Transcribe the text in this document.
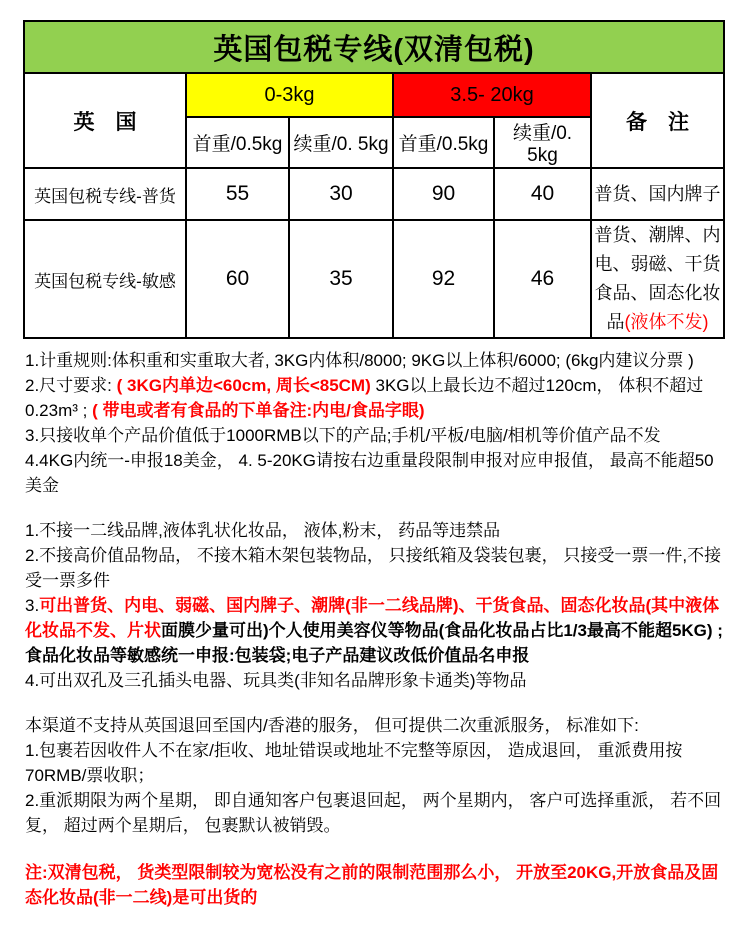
英国包税专线(双清包税)					
英　国	0-3kg		3.5- 20kg		备　注
	首重/0.5kg	续重/0. 5kg	首重/0.5kg	续重/0. 5kg	
英国包税专线-普货	55	30	90	40	普货、国内牌子
英国包税专线-敏感	60	35	92	46	普货、潮牌、内电、弱磁、干货食品、固态化妆品(液体不发)

1.计重规则:体积重和实重取大者, 3KG内体积/8000; 9KG以上体积/6000; (6kg内建议分票 )

2.尺寸要求: ( 3KG内单边<60cm, 周长<85CM) 3KG以上最长边不超过120cm， 体积不超过0.23m³ ; ( 带电或者有食品的下单备注:内电/食品字眼)

3.只接收单个产品价值低于1000RMB以下的产品;手机/平板/电脑/相机等价值产品不发

4.4KG内统一-申报18美金， 4. 5-20KG请按右边重量段限制申报对应申报值， 最高不能超50美金

1.不接一二线品牌,液体乳状化妆品， 液体,粉末， 药品等违禁品

2.不接高价值品物品， 不接木箱木架包装物品， 只接纸箱及袋装包裹， 只接受一票一件,不接受一票多件

3.可出普货、内电、弱磁、国内牌子、潮牌(非一二线品牌)、干货食品、固态化妆品(其中液体化妆品不发、片状面膜少量可出)个人使用美容仪等物品(食品化妆品占比1/3最高不能超5KG) ;食品化妆品等敏感统一申报:包装袋;电子产品建议改低价值品名申报

4.可出双孔及三孔插头电器、玩具类(非知名品牌形象卡通类)等物品

本渠道不支持从英国退回至国内/香港的服务， 但可提供二次重派服务， 标准如下:

1.包裹若因收件人不在家/拒收、地址错误或地址不完整等原因， 造成退回， 重派费用按70RMB/票收职；

2.重派期限为两个星期， 即自通知客户包裹退回起， 两个星期内， 客户可选择重派， 若不回复， 超过两个星期后， 包裹默认被销毁。

注:双清包税， 货类型限制较为宽松没有之前的限制范围那么小， 开放至20KG,开放食品及固态化妆品(非一二线)是可出货的
